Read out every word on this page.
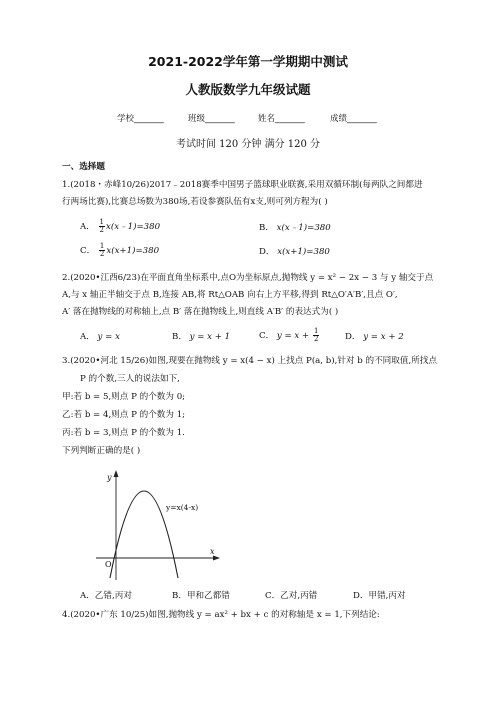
2021-2022学年第一学期期中测试
人教版数学九年级试题
学校_______	班级_______	姓名_______	成绩_______
考试时间 120 分钟 满分 120 分
一、选择题
1.(2018・赤峰10/26)2017﹣2018赛季中国男子篮球职业联赛,采用双循环制(每两队之间都进
行两场比赛),比赛总场数为380场,若设参赛队伍有x支,则可列方程为( )
A． $\frac{1}{2}$ x(x﹣1)=380	B． x(x﹣1)=380
C． $\frac{1}{2} x(x+1)=380$	D． x(x+1)=380
2.(2020•江西6/23)在平面直角坐标系中,点O为坐标原点,抛物线 y = x² − 2x − 3 与 y 轴交于点
A,与 x 轴正半轴交于点 B,连接 AB,将 Rt△OAB 向右上方平移,得到 Rt△O′A′B′,且点 O′,
A′ 落在抛物线的对称轴上,点 B′ 落在抛物线上,则直线 A′B′ 的表达式为( )
A． y = x	B． y = x + 1	C． $y = x + \frac{1}{2}$	D． y = x + 2
3.(2020•河北 15/26)如图,现要在抛物线 y = x(4 − x) 上找点 P(a, b),针对 b 的不同取值,所找点
P 的个数,三人的说法如下,
甲:若 b = 5,则点 P 的个数为 0;
乙:若 b = 4,则点 P 的个数为 1;
丙:若 b = 3,则点 P 的个数为 1.
下列判断正确的是( )
y
x
O
y=x(4-x)
A．乙错,丙对	B．甲和乙都错	C．乙对,丙错	D．甲错,丙对
4.(2020•广东 10/25)如图,抛物线 y = ax² + bx + c 的对称轴是 x = 1,下列结论:
